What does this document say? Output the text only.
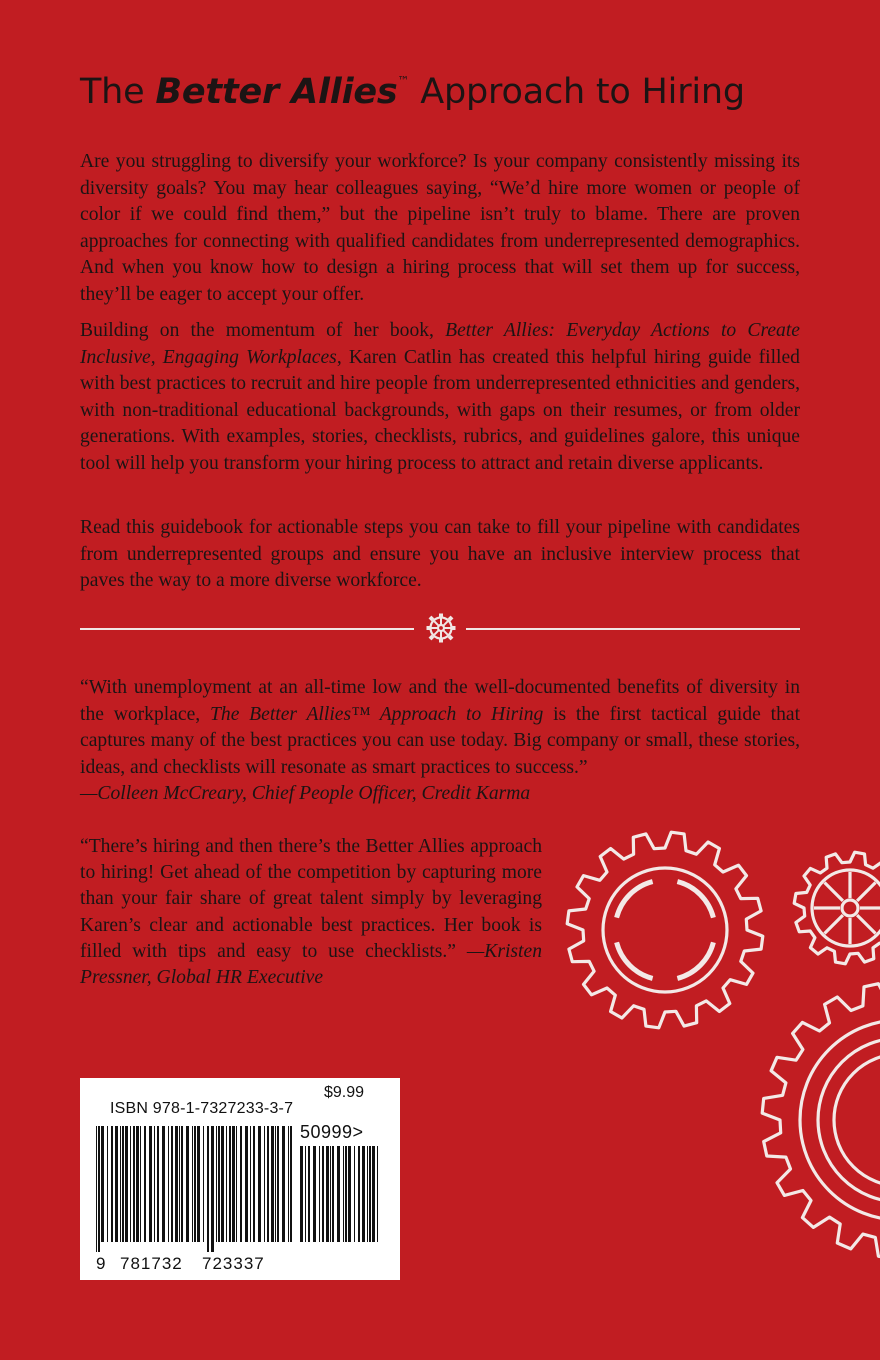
The Better Allies™ Approach to Hiring

Are you struggling to diversify your workforce? Is your company consistently missing its diversity goals? You may hear colleagues saying, “We’d hire more women or people of color if we could find them,” but the pipeline isn’t truly to blame. There are proven approaches for connecting with qualified candidates from underrepresented demographics. And when you know how to design a hiring process that will set them up for success, they’ll be eager to accept your offer.

Building on the momentum of her book, Better Allies: Everyday Actions to Create Inclusive, Engaging Workplaces, Karen Catlin has created this helpful hiring guide filled with best practices to recruit and hire people from underrepresented ethnicities and genders, with non-traditional educational backgrounds, with gaps on their resumes, or from older generations. With examples, stories, checklists, rubrics, and guidelines galore, this unique tool will help you transform your hiring process to attract and retain diverse applicants.

Read this guidebook for actionable steps you can take to fill your pipeline with candidates from underrepresented groups and ensure you have an inclusive interview process that paves the way to a more diverse workforce.

“With unemployment at an all-time low and the well-documented benefits of diversity in the workplace, The Better Allies™ Approach to Hiring is the first tactical guide that captures many of the best practices you can use today. Big company or small, these stories, ideas, and checklists will resonate as smart practices to success.”
—Colleen McCreary, Chief People Officer, Credit Karma

“There’s hiring and then there’s the Better Allies approach to hiring! Get ahead of the competition by capturing more than your fair share of great talent simply by leveraging Karen’s clear and actionable best practices. Her book is filled with tips and easy to use checklists.” —Kristen Pressner, Global HR Executive

$9.99
ISBN 978-1-7327233-3-7
50999>
9 781732 723337
